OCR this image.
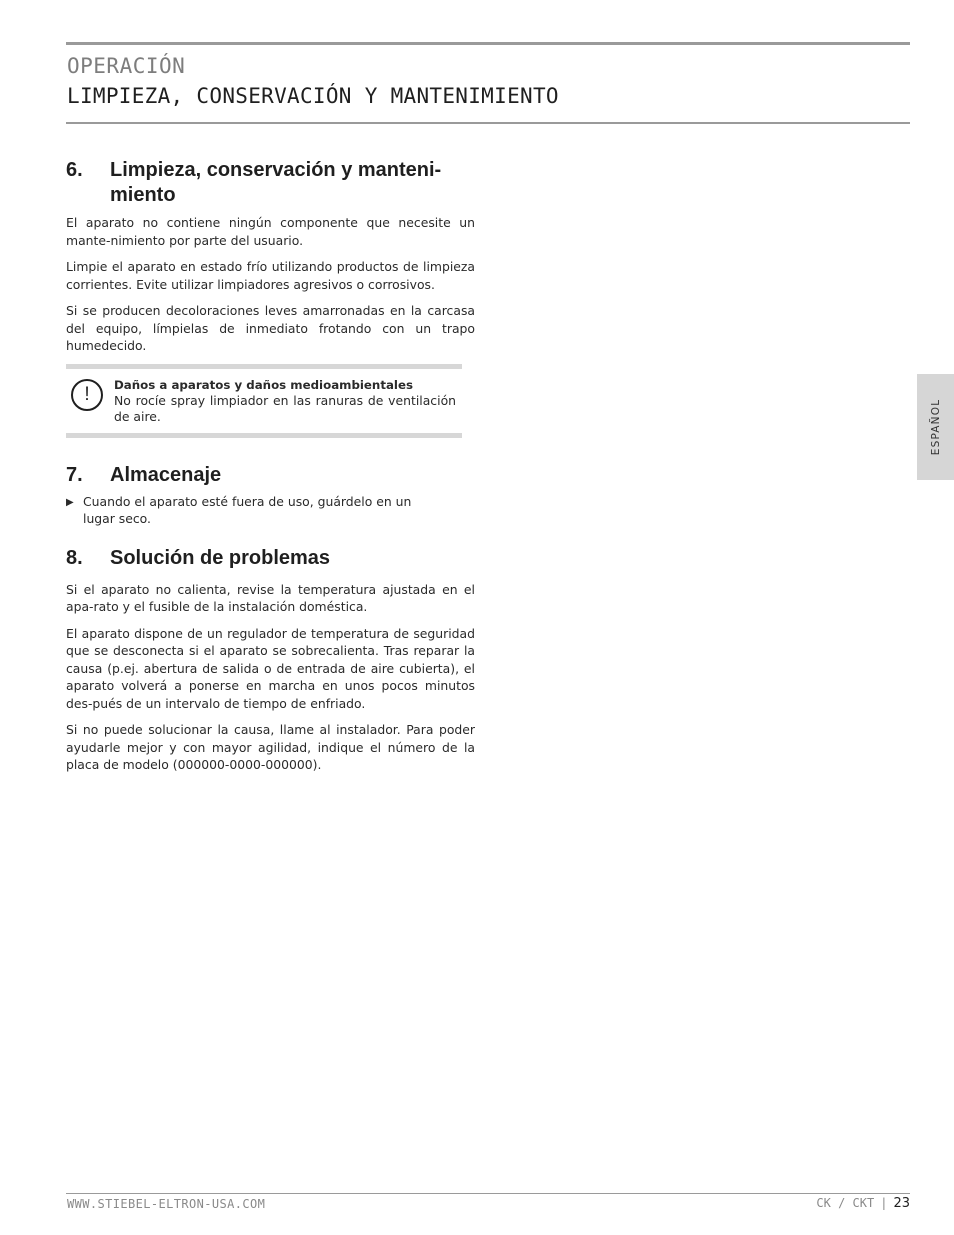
OPERACIÓN
LIMPIEZA, CONSERVACIÓN Y MANTENIMIENTO
6.	Limpieza, conservación y manteni-miento

El aparato no contiene ningún componente que necesite un mante-nimiento por parte del usuario.

Limpie el aparato en estado frío utilizando productos de limpieza corrientes. Evite utilizar limpiadores agresivos o corrosivos.

Si se producen decoloraciones leves amarronadas en la carcasa del equipo, límpielas de inmediato frotando con un trapo humedecido.

!	Daños a aparatos y daños medioambientales
No rocíe spray limpiador en las ranuras de ventilación de aire.
7.	Almacenaje
▶ Cuando el aparato esté fuera de uso, guárdelo en un lugar seco.
8.	Solución de problemas

Si el aparato no calienta, revise la temperatura ajustada en el apa-rato y el fusible de la instalación doméstica.

El aparato dispone de un regulador de temperatura de seguridad que se desconecta si el aparato se sobrecalienta. Tras reparar la causa (p.ej. abertura de salida o de entrada de aire cubierta), el aparato volverá a ponerse en marcha en unos pocos minutos des-pués de un intervalo de tiempo de enfriado.

Si no puede solucionar la causa, llame al instalador. Para poder ayudarle mejor y con mayor agilidad, indique el número de la placa de modelo (000000-0000-000000).

ESPAÑOL
WWW.STIEBEL-ELTRON-USA.COM	CK / CKT | 23
